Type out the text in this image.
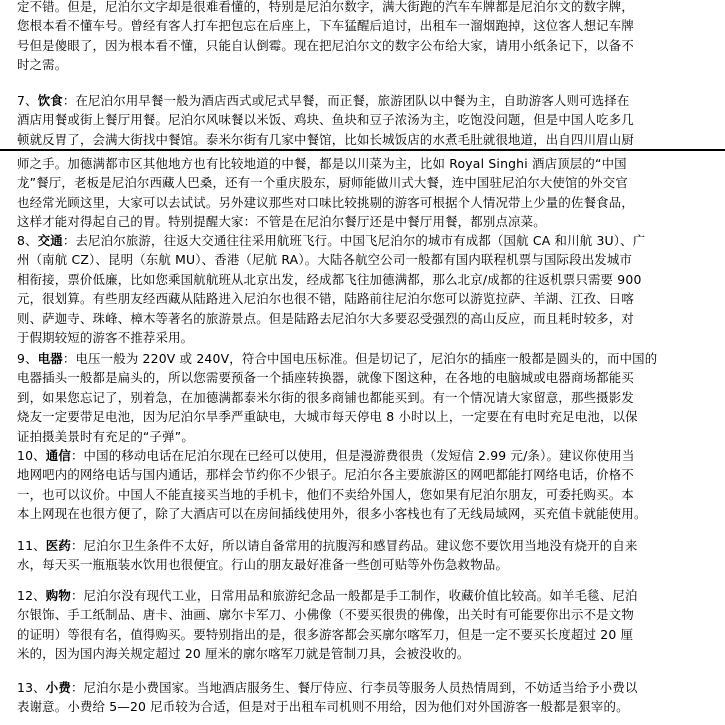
定不错。但是，尼泊尔文字却是很难看懂的，特别是尼泊尔数字，满大街跑的汽车车牌都是尼泊尔文的数字牌，
您根本看不懂车号。曾经有客人打车把包忘在后座上，下车猛醒后追讨，出租车一溜烟跑掉，这位客人想记车牌
号但是傻眼了，因为根本看不懂，只能自认倒霉。现在把尼泊尔文的数字公布给大家，请用小纸条记下，以备不
时之需。
7、饮食：在尼泊尔用早餐一般为酒店西式或尼式早餐，而正餐，旅游团队以中餐为主，自助游客人则可选择在
酒店用餐或街上餐厅用餐。尼泊尔风味餐以米饭、鸡块、鱼块和豆子浓汤为主，吃饱没问题，但是中国人吃多几
顿就反胃了，会满大街找中餐馆。泰米尔街有几家中餐馆，比如长城饭店的水煮毛肚就很地道，出自四川眉山厨
师之手。加德满都市区其他地方也有比较地道的中餐，都是以川菜为主，比如 Royal Singhi 酒店顶层的“中国
龙”餐厅，老板是尼泊尔西藏人巴桑，还有一个重庆股东，厨师能做川式大餐，连中国驻尼泊尔大使馆的外交官
也经常光顾这里，大家可以去试试。另外建议那些对口味比较挑剔的游客可根据个人情况带上少量的佐餐食品，
这样才能对得起自己的胃。特别提醒大家：不管是在尼泊尔餐厅还是中餐厅用餐，都别点凉菜。
8、交通：去尼泊尔旅游，往返大交通往往采用航班飞行。中国飞尼泊尔的城市有成都（国航 CA 和川航 3U）、广
州（南航 CZ）、昆明（东航 MU）、香港（尼航 RA）。大陆各航空公司一般都有国内联程机票与国际段出发城市
相衔接，票价低廉，比如您乘国航航班从北京出发，经成都飞往加德满都，那么北京/成都的往返机票只需要 900
元，很划算。有些朋友经西藏从陆路进入尼泊尔也很不错，陆路前往尼泊尔您可以游览拉萨、羊湖、江孜、日喀
则、萨迦寺、珠峰、樟木等著名的旅游景点。但是陆路去尼泊尔大多要忍受强烈的高山反应，而且耗时较多，对
于假期较短的游客不推荐采用。
9、电器：电压一般为 220V 或 240V，符合中国电压标准。但是切记了，尼泊尔的插座一般都是圆头的，而中国的
电器插头一般都是扁头的，所以您需要预备一个插座转换器，就像下图这种，在各地的电脑城或电器商场都能买
到，如果您忘记了，别着急，在加德满都泰米尔街的很多商铺也都能买到。有一个情况请大家留意，那些摄影发
烧友一定要带足电池，因为尼泊尔旱季严重缺电，大城市每天停电 8 小时以上，一定要在有电时充足电池，以保
证拍摄美景时有充足的“子弹”。
10、通信：中国的移动电话在尼泊尔现在已经可以使用，但是漫游费很贵（发短信 2.99 元/条）。建议你使用当
地网吧内的网络电话与国内通话，那样会节约你不少银子。尼泊尔各主要旅游区的网吧都能打网络电话，价格不
一，也可以议价。中国人不能直接买当地的手机卡，他们不卖给外国人，您如果有尼泊尔朋友，可委托购买。本
本上网现在也很方便了，除了大酒店可以在房间插线使用外，很多小客栈也有了无线局域网，买充值卡就能使用。
11、医药：尼泊尔卫生条件不太好，所以请自备常用的抗腹泻和感冒药品。建议您不要饮用当地没有烧开的自来
水，每天买一瓶瓶装水饮用也很便宜。行山的朋友最好准备一些创可贴等外伤急救物品。
12、购物：尼泊尔没有现代工业，日常用品和旅游纪念品一般都是手工制作，收藏价值比较高。如羊毛毯、尼泊
尔银饰、手工纸制品、唐卡、油画、廓尔卡军刀、小佛像（不要买很贵的佛像，出关时有可能要你出示不是文物
的证明）等很有名，值得购买。要特别指出的是，很多游客都会买廓尔喀军刀，但是一定不要买长度超过 20 厘
米的，因为国内海关规定超过 20 厘米的廓尔喀军刀就是管制刀具，会被没收的。
13、小费：尼泊尔是小费国家。当地酒店服务生、餐厅侍应、行李员等服务人员热情周到，不妨适当给予小费以
表谢意。小费给 5—20 尼币较为合适，但是对于出租车司机则不用给，因为他们对外国游客一般都是狠宰的。
